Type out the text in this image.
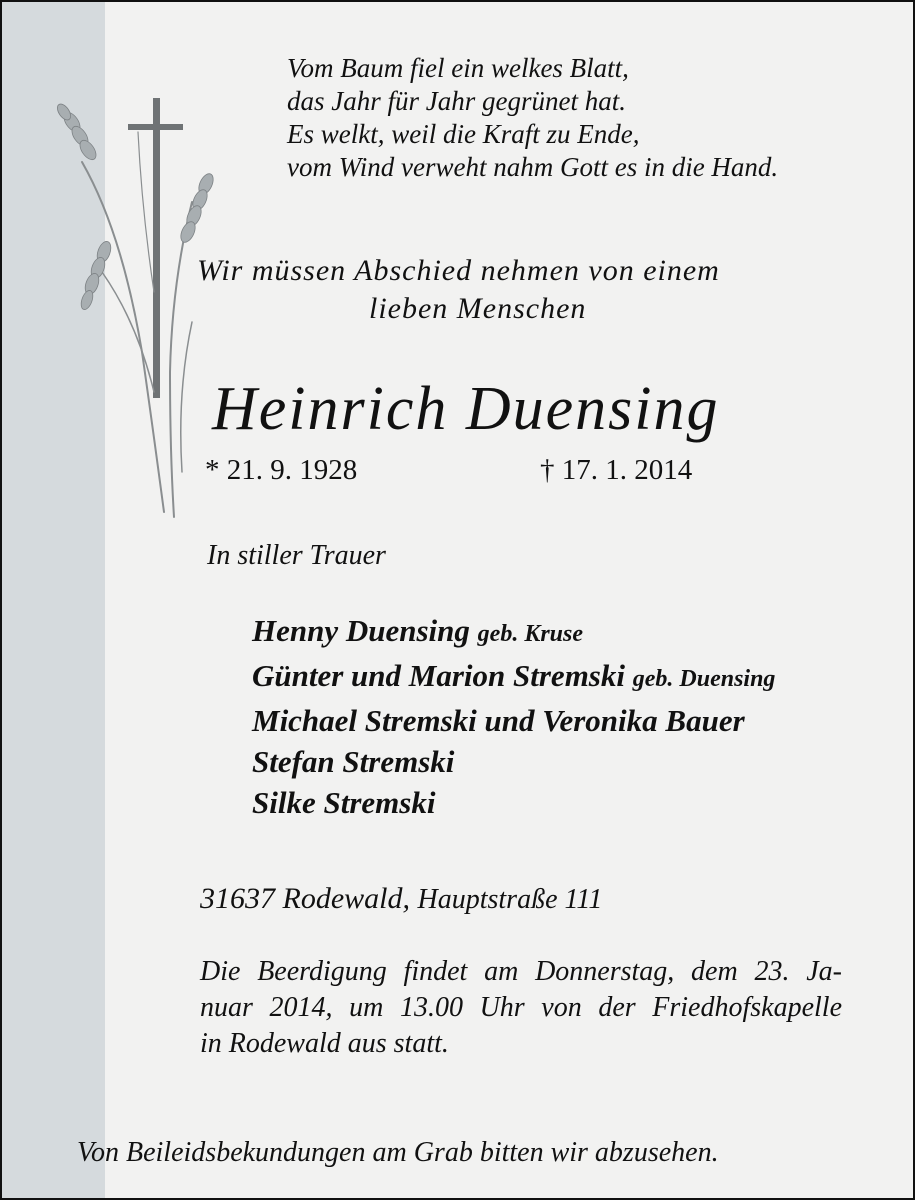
Vom Baum fiel ein welkes Blatt,
das Jahr für Jahr gegrünet hat.
Es welkt, weil die Kraft zu Ende,
vom Wind verweht nahm Gott es in die Hand.
Wir müssen Abschied nehmen von einem
lieben Menschen
Heinrich Duensing
* 21. 9. 1928	† 17. 1. 2014
In stiller Trauer
Henny Duensing geb. Kruse
Günter und Marion Stremski geb. Duensing
Michael Stremski und Veronika Bauer
Stefan Stremski
Silke Stremski
31637 Rodewald, Hauptstraße 111
Die Beerdigung findet am Donnerstag, dem 23. Ja-
nuar 2014, um 13.00 Uhr von der Friedhofskapelle
in Rodewald aus statt.
Von Beileidsbekundungen am Grab bitten wir abzusehen.
